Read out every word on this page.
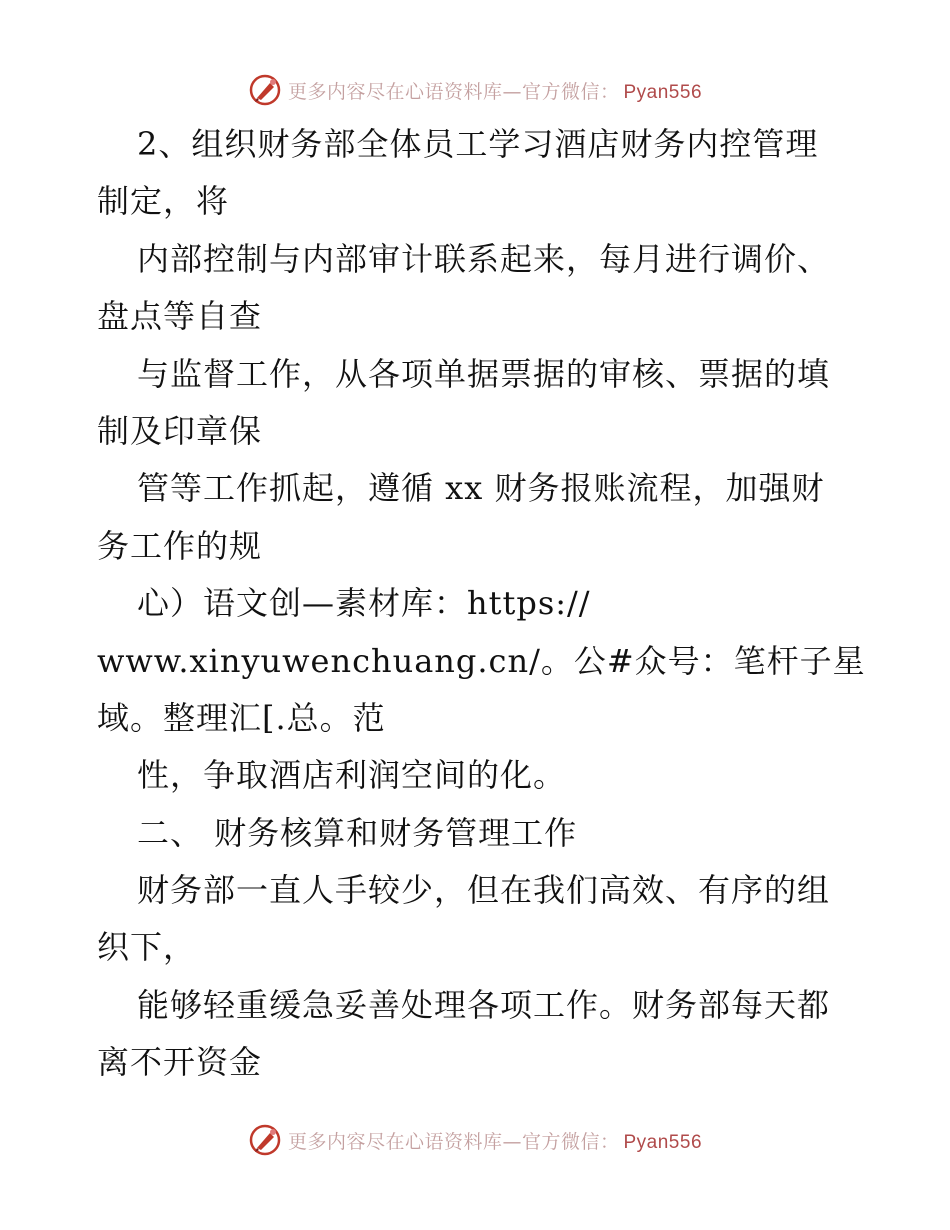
更多内容尽在心语资料库—官方微信： Pyan556
2、组织财务部全体员工学习酒店财务内控管理
制定，将
内部控制与内部审计联系起来，每月进行调价、
盘点等自查
与监督工作，从各项单据票据的审核、票据的填
制及印章保
管等工作抓起，遵循 xx 财务报账流程，加强财
务工作的规
心）语文创—素材库：https://
www.xinyuwenchuang.cn/。公#众号：笔杆子星
域。整理汇[.总。范
性，争取酒店利润空间的化。
二、 财务核算和财务管理工作
财务部一直人手较少，但在我们高效、有序的组
织下，
能够轻重缓急妥善处理各项工作。财务部每天都
离不开资金
更多内容尽在心语资料库—官方微信： Pyan556
